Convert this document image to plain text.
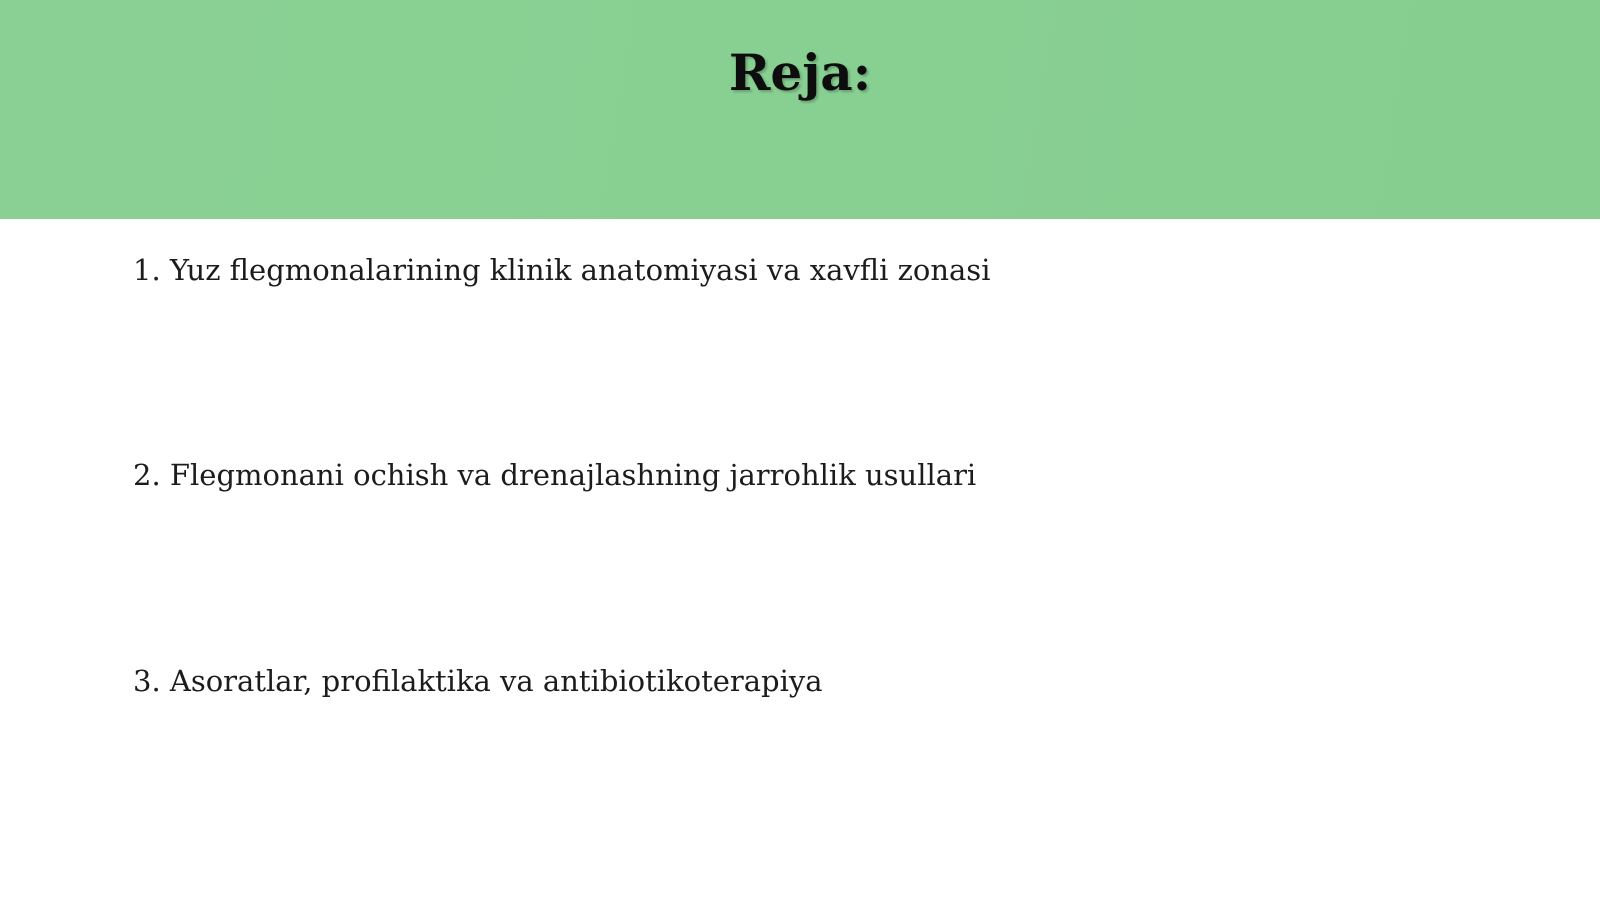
Reja:
1. Yuz flegmonalarining klinik anatomiyasi va xavfli zonasi
2. Flegmonani ochish va drenajlashning jarrohlik usullari
3. Asoratlar, profilaktika va antibiotikoterapiya
